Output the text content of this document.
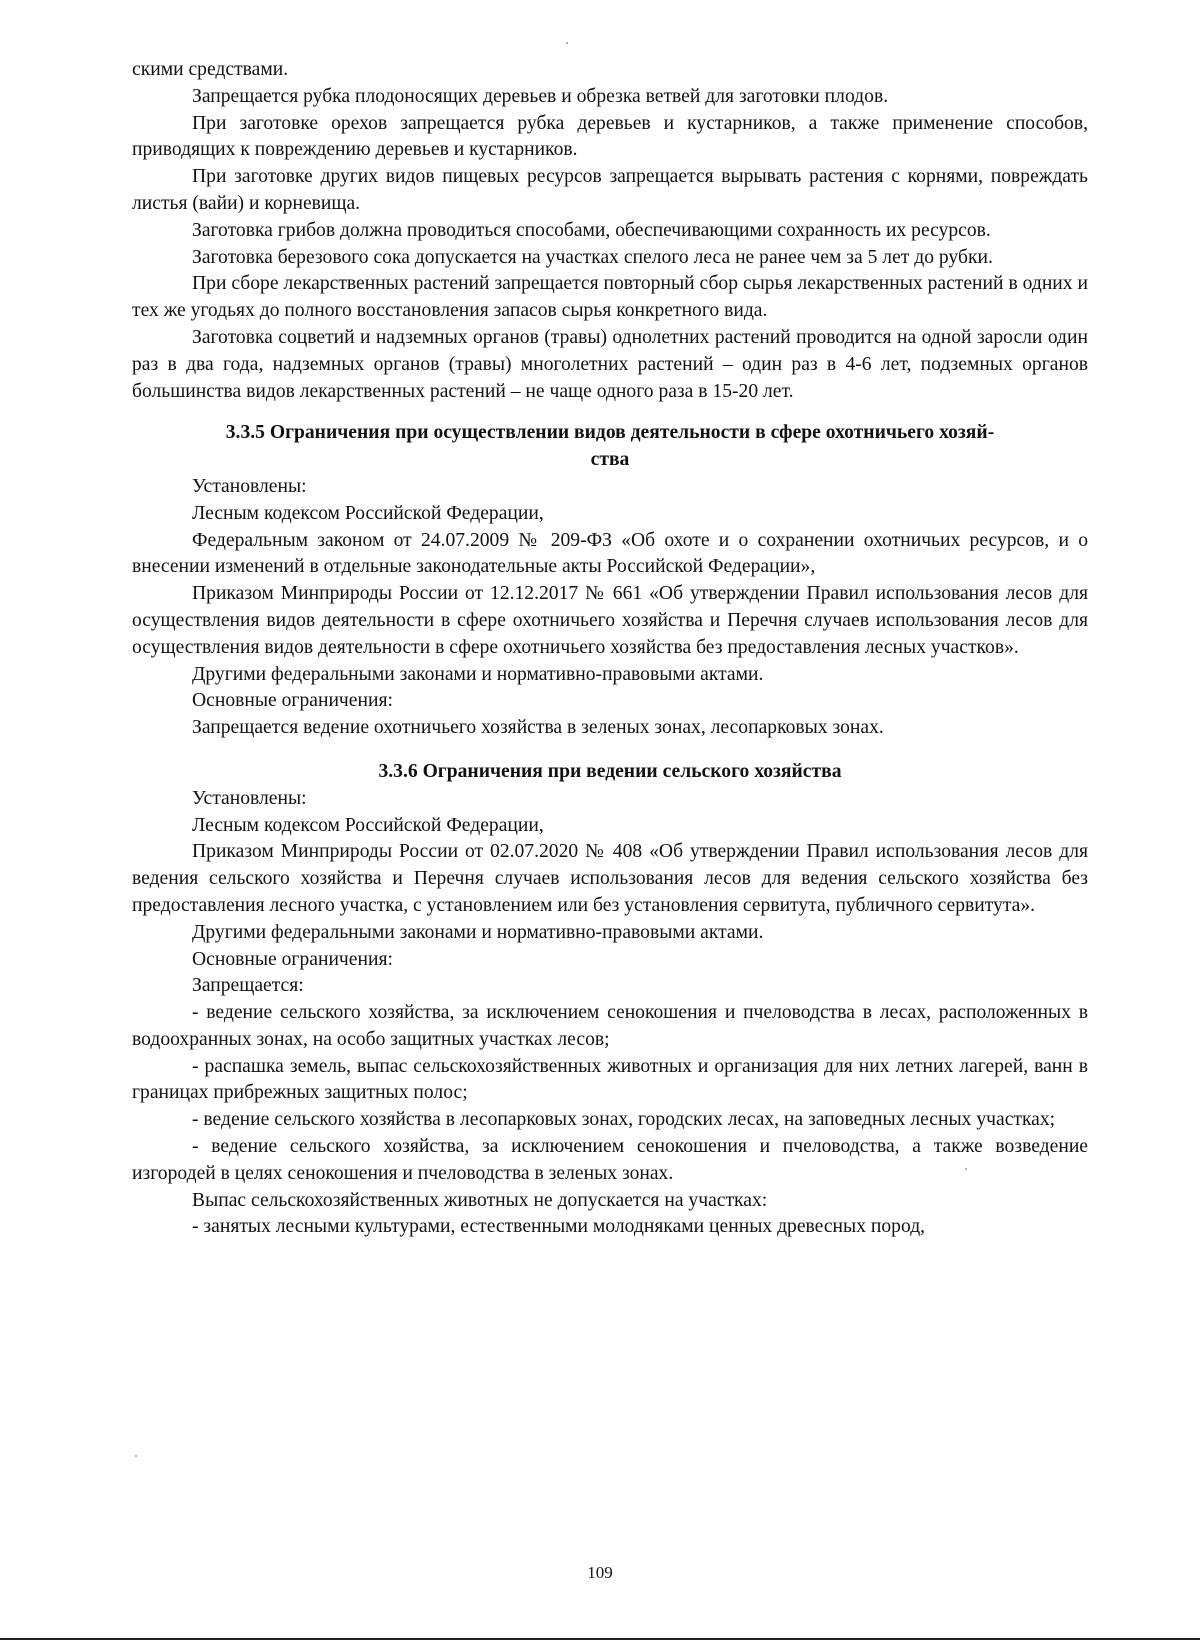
скими средствами.

Запрещается рубка плодоносящих деревьев и обрезка ветвей для заготовки плодов.

При заготовке орехов запрещается рубка деревьев и кустарников, а также применение способов, приводящих к повреждению деревьев и кустарников.

При заготовке других видов пищевых ресурсов запрещается вырывать растения с корнями, повреждать листья (вайи) и корневища.

Заготовка грибов должна проводиться способами, обеспечивающими сохранность их ресурсов.

Заготовка березового сока допускается на участках спелого леса не ранее чем за 5 лет до рубки.

При сборе лекарственных растений запрещается повторный сбор сырья лекарственных растений в одних и тех же угодьях до полного восстановления запасов сырья конкретного вида.

Заготовка соцветий и надземных органов (травы) однолетних растений проводится на одной заросли один раз в два года, надземных органов (травы) многолетних растений – один раз в 4-6 лет, подземных органов большинства видов лекарственных растений – не чаще одного раза в 15-20 лет.

3.3.5 Ограничения при осуществлении видов деятельности в сфере охотничьего хозяй-
ства

Установлены:

Лесным кодексом Российской Федерации,

Федеральным законом от 24.07.2009 № 209-ФЗ «Об охоте и о сохранении охотничьих ресурсов, и о внесении изменений в отдельные законодательные акты Российской Федерации»,

Приказом Минприроды России от 12.12.2017 № 661 «Об утверждении Правил использования лесов для осуществления видов деятельности в сфере охотничьего хозяйства и Перечня случаев использования лесов для осуществления видов деятельности в сфере охотничьего хозяйства без предоставления лесных участков».

Другими федеральными законами и нормативно-правовыми актами.

Основные ограничения:

Запрещается ведение охотничьего хозяйства в зеленых зонах, лесопарковых зонах.

3.3.6 Ограничения при ведении сельского хозяйства

Установлены:

Лесным кодексом Российской Федерации,

Приказом Минприроды России от 02.07.2020 № 408 «Об утверждении Правил использования лесов для ведения сельского хозяйства и Перечня случаев использования лесов для ведения сельского хозяйства без предоставления лесного участка, с установлением или без установления сервитута, публичного сервитута».

Другими федеральными законами и нормативно-правовыми актами.

Основные ограничения:

Запрещается:

- ведение сельского хозяйства, за исключением сенокошения и пчеловодства в лесах, расположенных в водоохранных зонах, на особо защитных участках лесов;

- распашка земель, выпас сельскохозяйственных животных и организация для них летних лагерей, ванн в границах прибрежных защитных полос;

- ведение сельского хозяйства в лесопарковых зонах, городских лесах, на заповедных лесных участках;

- ведение сельского хозяйства, за исключением сенокошения и пчеловодства, а также возведение изгородей в целях сенокошения и пчеловодства в зеленых зонах.

Выпас сельскохозяйственных животных не допускается на участках:

- занятых лесными культурами, естественными молодняками ценных древесных пород,

109
